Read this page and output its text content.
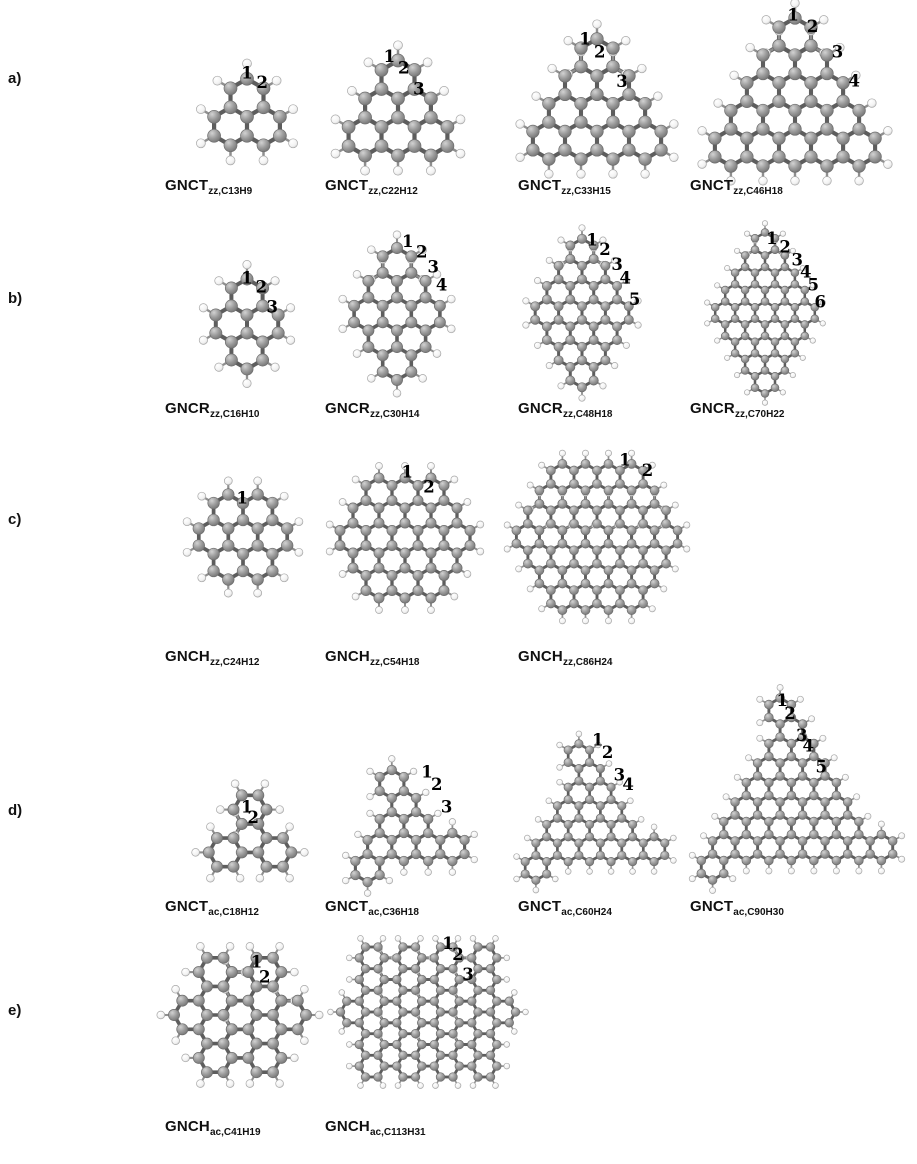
1 2
1
2
3
1
2
3
1
2
3
4
1 2
3
1
2
3
4
1 2
3
4
5
1 2
3
4
5
6
1
1
2
1
2
1
2
1
2
3
1
2
3
4
1
2
3
4
5
1
2
1
2
3
a)
$GNCT_{zz,C13H9}$	$GNCT_{zz,C22H12}$	$GNCT_{zz,C33H15}$	$GNCT_{zz,C46H18}$
b)
$GNCR_{zz,C16H10}$	$GNCR_{zz,C30H14}$	$GNCR_{zz,C48H18}$	$GNCR_{zz,C70H22}$
c)
$GNCH_{zz,C24H12}$	$GNCH_{zz,C54H18}$	$GNCH_{zz,C86H24}$
d)
$GNCT_{ac,C18H12}$	$GNCT_{ac,C36H18}$	$GNCT_{ac,C60H24}$	$GNCT_{ac,C90H30}$
e)
$GNCH_{ac,C41H19}$	$GNCH_{ac,C113H31}$
